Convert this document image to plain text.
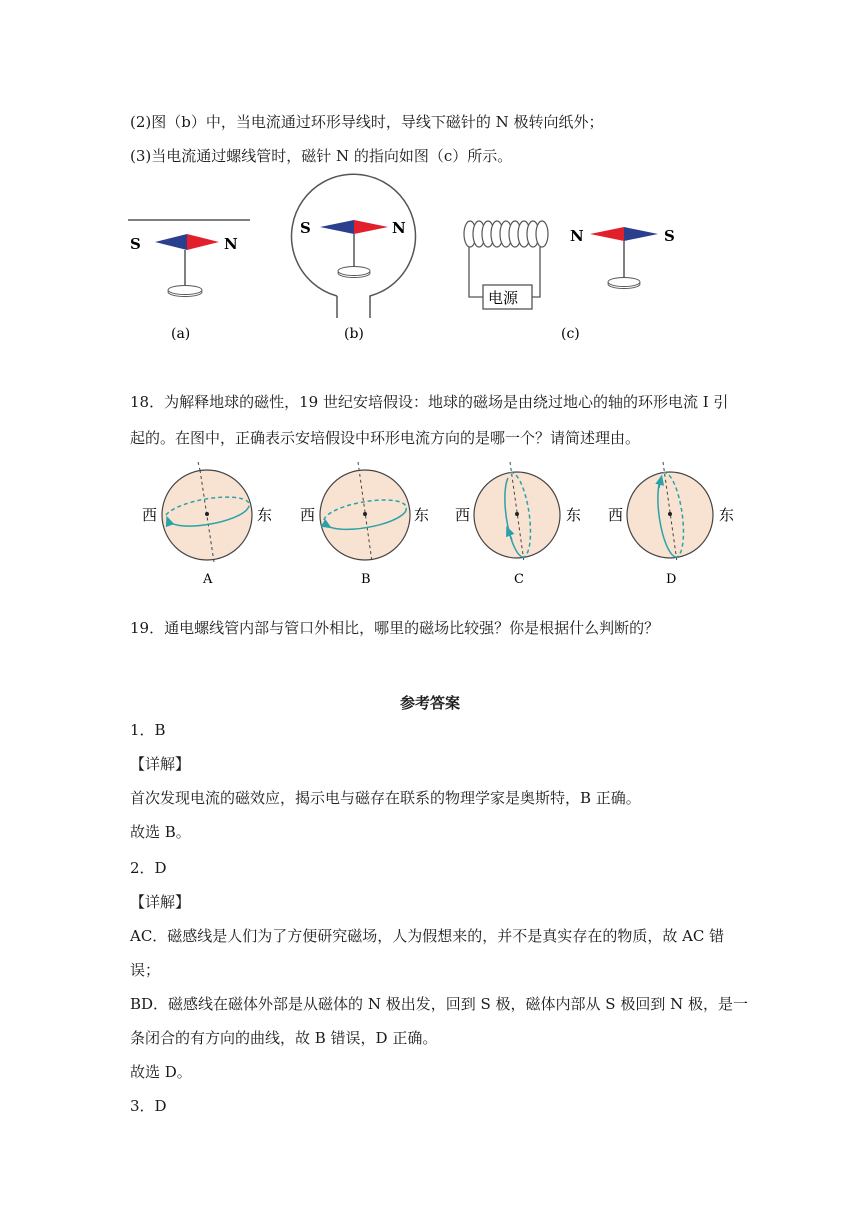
(2)图（b）中，当电流通过环形导线时，导线下磁针的 N 极转向纸外；
(3)当电流通过螺线管时，磁针 N 的指向如图（c）所示。
S	N
(a)
S	N
(b)
电源
N	S
(c)
18．为解释地球的磁性，19 世纪安培假设：地球的磁场是由绕过地心的轴的环形电流 I 引
起的。在图中，正确表示安培假设中环形电流方向的是哪一个？请简述理由。
西	东
A
西	东
B
西	东
C
西	东
D
19．通电螺线管内部与管口外相比，哪里的磁场比较强？你是根据什么判断的？
参考答案
1．B
【详解】
首次发现电流的磁效应，揭示电与磁存在联系的物理学家是奥斯特，B 正确。
故选 B。
2．D
【详解】
AC．磁感线是人们为了方便研究磁场，人为假想来的，并不是真实存在的物质，故 AC 错
误；
BD．磁感线在磁体外部是从磁体的 N 极出发，回到 S 极，磁体内部从 S 极回到 N 极，是一
条闭合的有方向的曲线，故 B 错误，D 正确。
故选 D。
3．D
